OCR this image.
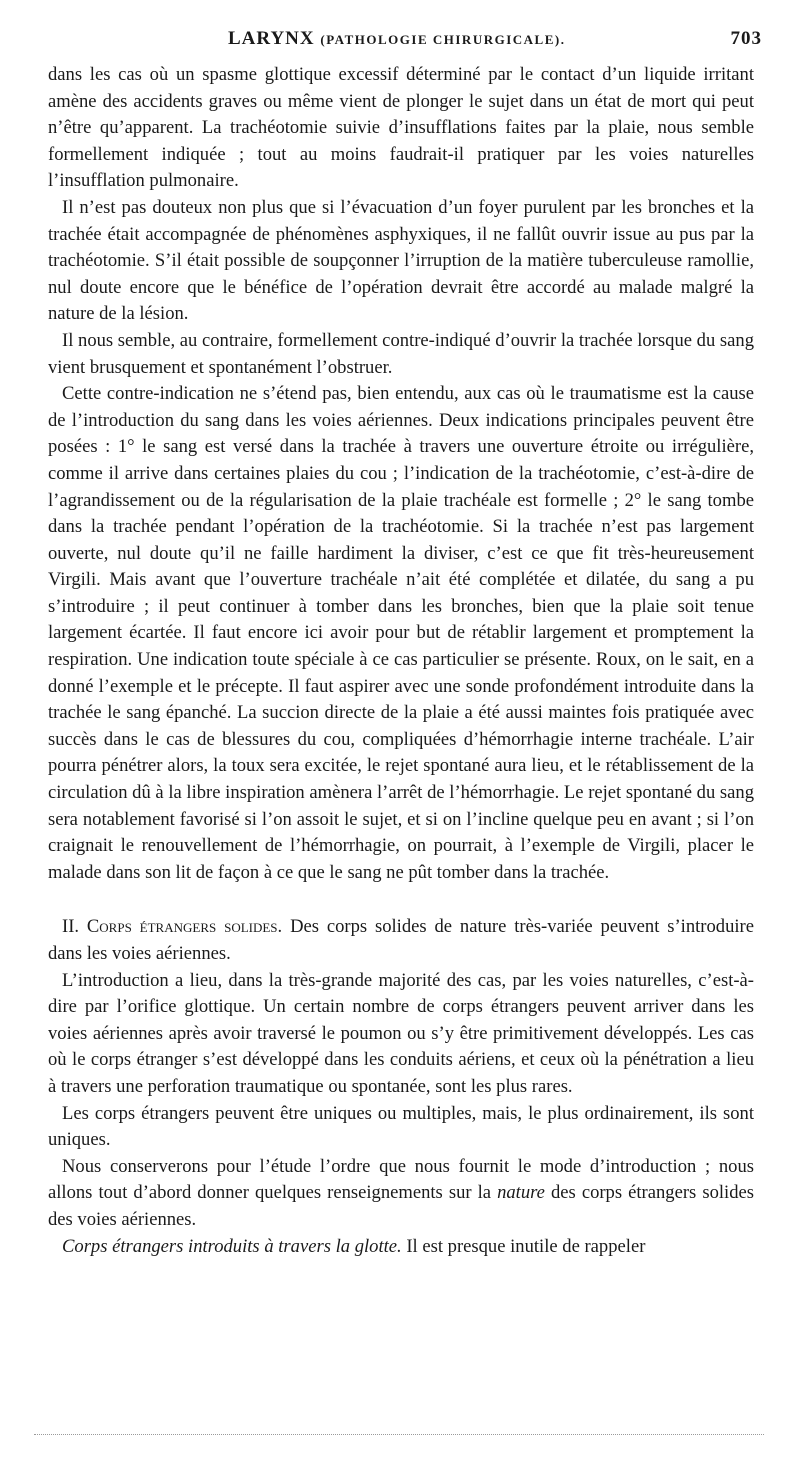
LARYNX (PATHOLOGIE CHIRURGICALE).	703

dans les cas où un spasme glottique excessif déterminé par le contact d’un liquide irritant amène des accidents graves ou même vient de plonger le sujet dans un état de mort qui peut n’être qu’apparent. La trachéotomie suivie d’insufflations faites par la plaie, nous semble formellement indiquée ; tout au moins faudrait-il pratiquer par les voies naturelles l’insufflation pulmonaire.

Il n’est pas douteux non plus que si l’évacuation d’un foyer purulent par les bronches et la trachée était accompagnée de phénomènes asphyxiques, il ne fallût ouvrir issue au pus par la trachéotomie. S’il était possible de soupçonner l’irruption de la matière tuberculeuse ramollie, nul doute encore que le bénéfice de l’opération devrait être accordé au malade malgré la nature de la lésion.

Il nous semble, au contraire, formellement contre-indiqué d’ouvrir la trachée lorsque du sang vient brusquement et spontanément l’obstruer.

Cette contre-indication ne s’étend pas, bien entendu, aux cas où le traumatisme est la cause de l’introduction du sang dans les voies aériennes. Deux indications principales peuvent être posées : 1° le sang est versé dans la trachée à travers une ouverture étroite ou irrégulière, comme il arrive dans certaines plaies du cou ; l’indication de la trachéotomie, c’est-à-dire de l’agrandissement ou de la régularisation de la plaie trachéale est formelle ; 2° le sang tombe dans la trachée pendant l’opération de la trachéotomie. Si la trachée n’est pas largement ouverte, nul doute qu’il ne faille hardiment la diviser, c’est ce que fit très-heureusement Virgili. Mais avant que l’ouverture trachéale n’ait été complétée et dilatée, du sang a pu s’introduire ; il peut continuer à tomber dans les bronches, bien que la plaie soit tenue largement écartée. Il faut encore ici avoir pour but de rétablir largement et promptement la respiration. Une indication toute spéciale à ce cas particulier se présente. Roux, on le sait, en a donné l’exemple et le précepte. Il faut aspirer avec une sonde profondément introduite dans la trachée le sang épanché. La succion directe de la plaie a été aussi maintes fois pratiquée avec succès dans le cas de blessures du cou, compliquées d’hémorrhagie interne trachéale. L’air pourra pénétrer alors, la toux sera excitée, le rejet spontané aura lieu, et le rétablissement de la circulation dû à la libre inspiration amènera l’arrêt de l’hémorrhagie. Le rejet spontané du sang sera notablement favorisé si l’on assoit le sujet, et si on l’incline quelque peu en avant ; si l’on craignait le renouvellement de l’hémorrhagie, on pourrait, à l’exemple de Virgili, placer le malade dans son lit de façon à ce que le sang ne pût tomber dans la trachée.

II. Corps étrangers solides. Des corps solides de nature très-variée peuvent s’introduire dans les voies aériennes.

L’introduction a lieu, dans la très-grande majorité des cas, par les voies naturelles, c’est-à-dire par l’orifice glottique. Un certain nombre de corps étrangers peuvent arriver dans les voies aériennes après avoir traversé le poumon ou s’y être primitivement développés. Les cas où le corps étranger s’est développé dans les conduits aériens, et ceux où la pénétration a lieu à travers une perforation traumatique ou spontanée, sont les plus rares.

Les corps étrangers peuvent être uniques ou multiples, mais, le plus ordinairement, ils sont uniques.

Nous conserverons pour l’étude l’ordre que nous fournit le mode d’introduction ; nous allons tout d’abord donner quelques renseignements sur la nature des corps étrangers solides des voies aériennes.

Corps étrangers introduits à travers la glotte. Il est presque inutile de rappeler
